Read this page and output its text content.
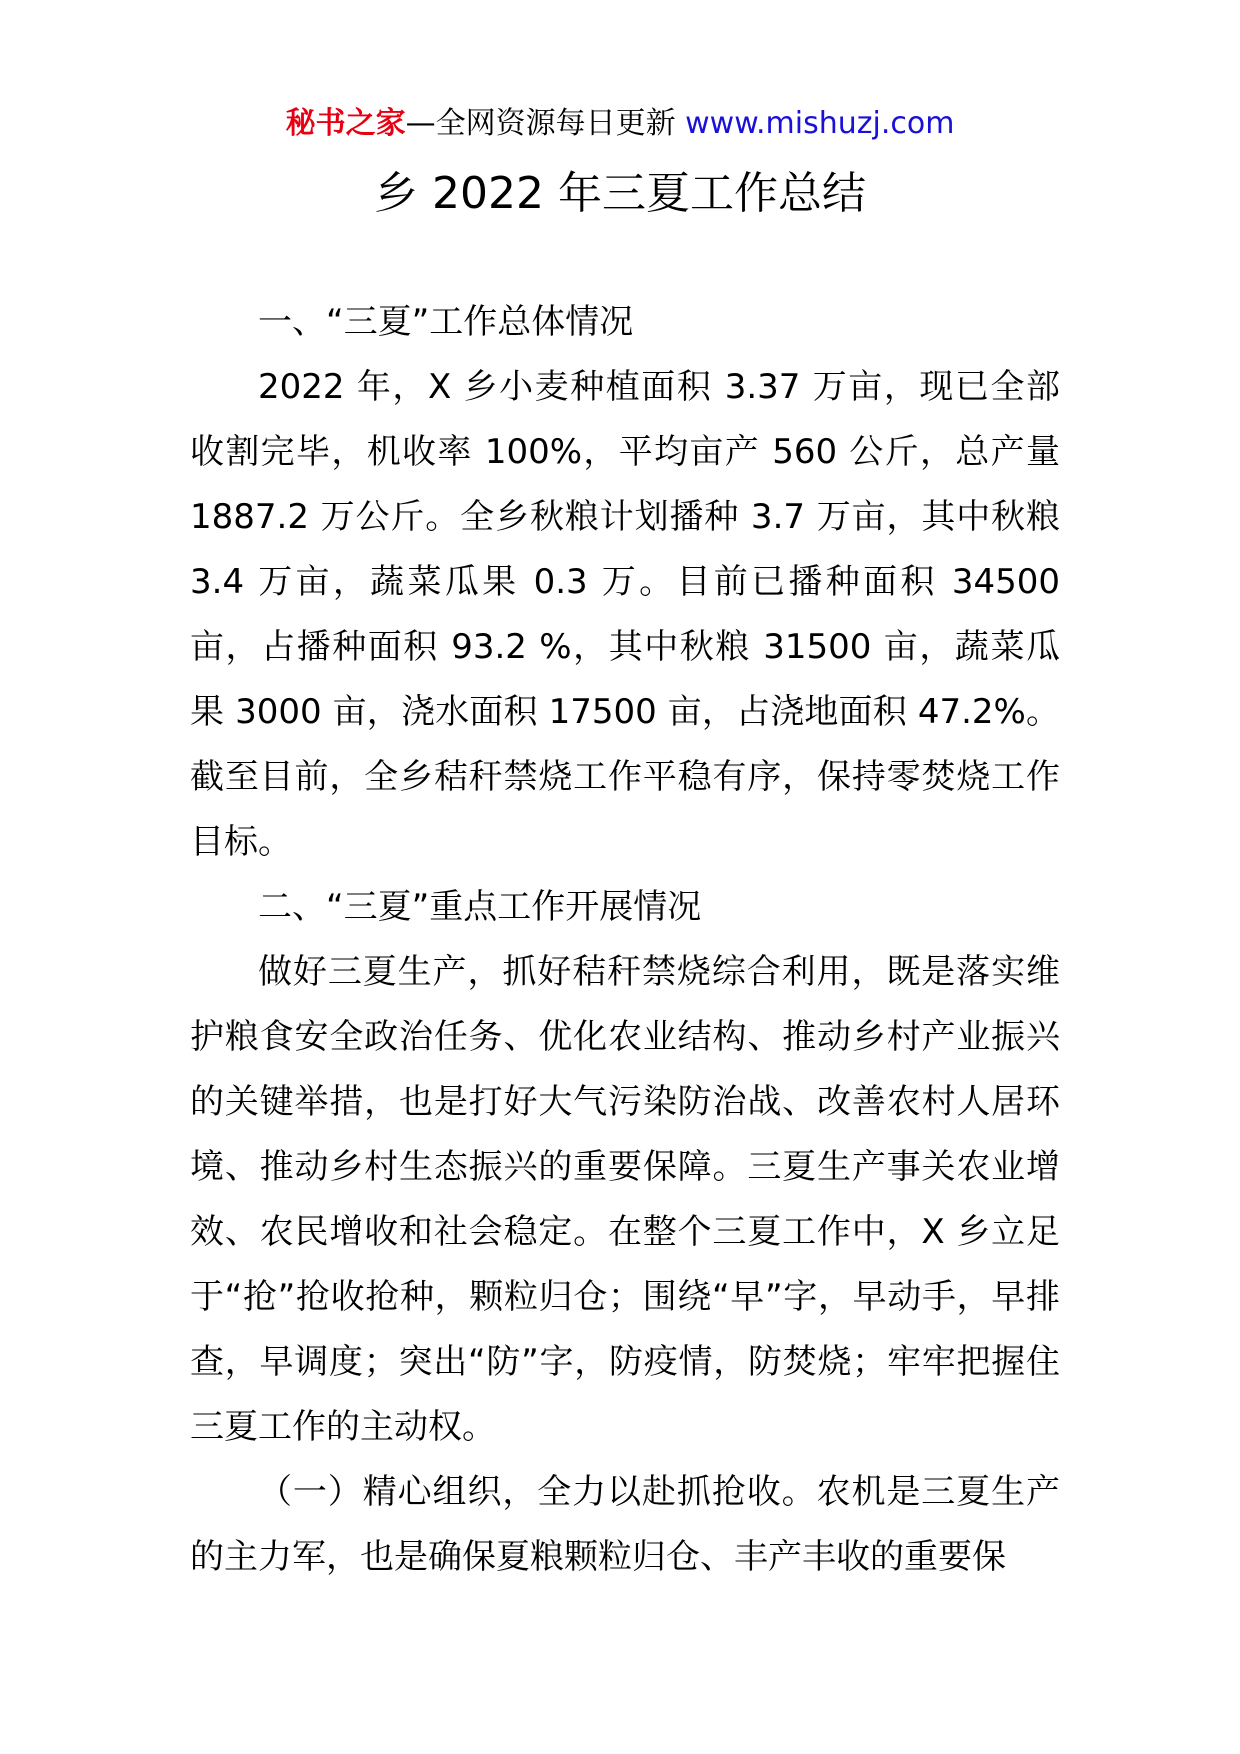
秘书之家—全网资源每日更新 www.mishuzj.com
乡 2022 年三夏工作总结

一、“三夏”工作总体情况

2022 年，X 乡小麦种植面积 3.37 万亩，现已全部收割完毕，机收率 100%，平均亩产 560 公斤，总产量 1887.2 万公斤。全乡秋粮计划播种 3.7 万亩，其中秋粮 3.4 万亩，蔬菜瓜果 0.3 万。目前已播种面积 34500 亩，占播种面积 93.2 %，其中秋粮 31500 亩，蔬菜瓜果 3000 亩，浇水面积 17500 亩，占浇地面积 47.2%。截至目前，全乡秸秆禁烧工作平稳有序，保持零焚烧工作目标。

二、“三夏”重点工作开展情况

做好三夏生产，抓好秸秆禁烧综合利用，既是落实维护粮食安全政治任务、优化农业结构、推动乡村产业振兴的关键举措，也是打好大气污染防治战、改善农村人居环境、推动乡村生态振兴的重要保障。三夏生产事关农业增效、农民增收和社会稳定。在整个三夏工作中，X 乡立足于“抢”抢收抢种，颗粒归仓；围绕“早”字，早动手，早排查，早调度；突出“防”字，防疫情，防焚烧；牢牢把握住三夏工作的主动权。

（一）精心组织，全力以赴抓抢收。农机是三夏生产的主力军，也是确保夏粮颗粒归仓、丰产丰收的重要保
